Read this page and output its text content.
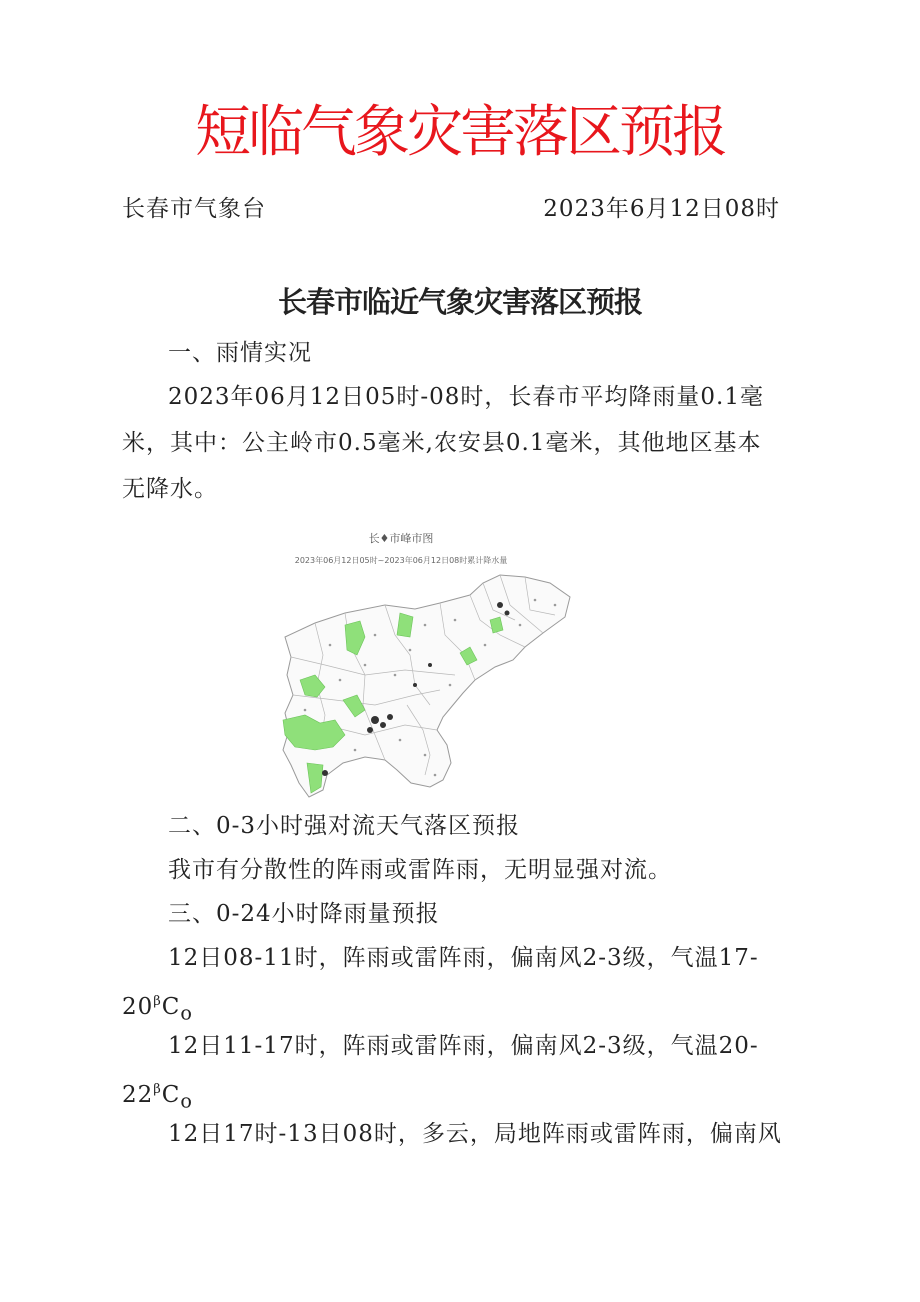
短临气象灾害落区预报
长春市气象台	2023年6月12日08时
长春市临近气象灾害落区预报

一、雨情实况

2023年06月12日05时-08时，长春市平均降雨量0.1毫米，其中：公主岭市0.5毫米,农安县0.1毫米，其他地区基本无降水。

长♦市峰市图
2023年06月12日05时~2023年06月12日08时累计降水量

二、0-3小时强对流天气落区预报

我市有分散性的阵雨或雷阵雨，无明显强对流。

三、0-24小时降雨量预报

12日08-11时，阵雨或雷阵雨，偏南风2-3级，气温17-

$20^\beta C_o$

12日11-17时，阵雨或雷阵雨，偏南风2-3级，气温20-

$22^\beta C_o$

12日17时-13日08时，多云，局地阵雨或雷阵雨，偏南风
